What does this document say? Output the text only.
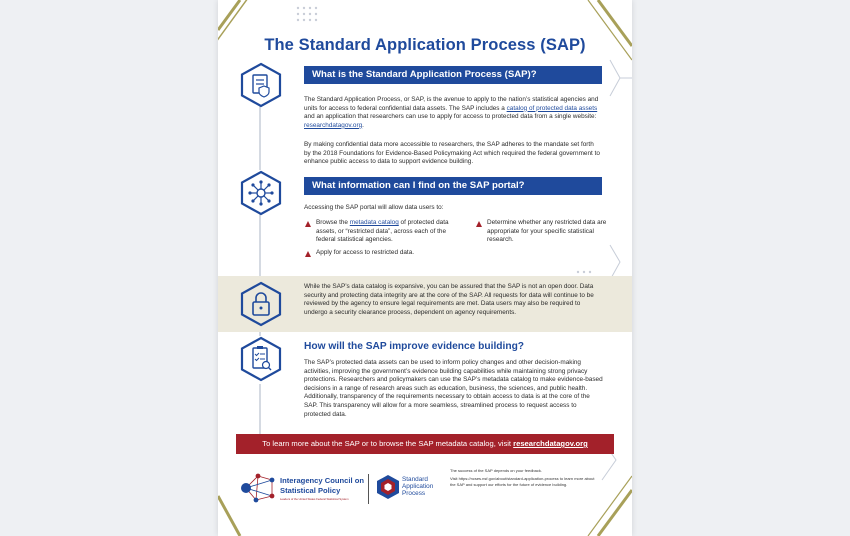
The Standard Application Process (SAP)
What is the Standard Application Process (SAP)?
The Standard Application Process, or SAP, is the avenue to apply to the nation’s statistical agencies and units for access to federal confidential data assets. The SAP includes a catalog of protected data assets and an application that researchers can use to apply for access to protected data from a single website: researchdatagov.org.
By making confidential data more accessible to researchers, the SAP adheres to the mandate set forth by the 2018 Foundations for Evidence-Based Policymaking Act which required the federal government to enhance public access to data to support evidence building.
What information can I find on the SAP portal?
Accessing the SAP portal will allow data users to:
Browse the metadata catalog of protected data assets, or “restricted data”, across each of the federal statistical agencies.
Apply for access to restricted data.
Determine whether any restricted data are appropriate for your specific statistical research.
While the SAP’s data catalog is expansive, you can be assured that the SAP is not an open door. Data security and protecting data integrity are at the core of the SAP. All requests for data will continue to be reviewed by the agency to ensure legal requirements are met. Data users may also be required to undergo a security clearance process, dependent on agency requirements.
How will the SAP improve evidence building?
The SAP’s protected data assets can be used to inform policy changes and other decision-making activities, improving the government’s evidence building capabilities while maintaining strong privacy protections. Researchers and policymakers can use the SAP’s metadata catalog to make evidence-based decisions in a range of research areas such as education, business, the sciences, and public health. Additionally, transparency of the requirements necessary to obtain access to data is at the core of the SAP. This transparency will allow for a more seamless, streamlined process to request access to protected data.
To learn more about the SAP or to browse the SAP metadata catalog, visit researchdatagov.org
Interagency Council on
Statistical Policy
Leaders of the United States Federal Statistical System
Standard
Application
Process
The success of the SAP depends on your feedback.
Visit https://ncses.nsf.gov/about/standard-application-process to learn more about the SAP and support our efforts for the future of evidence building.
